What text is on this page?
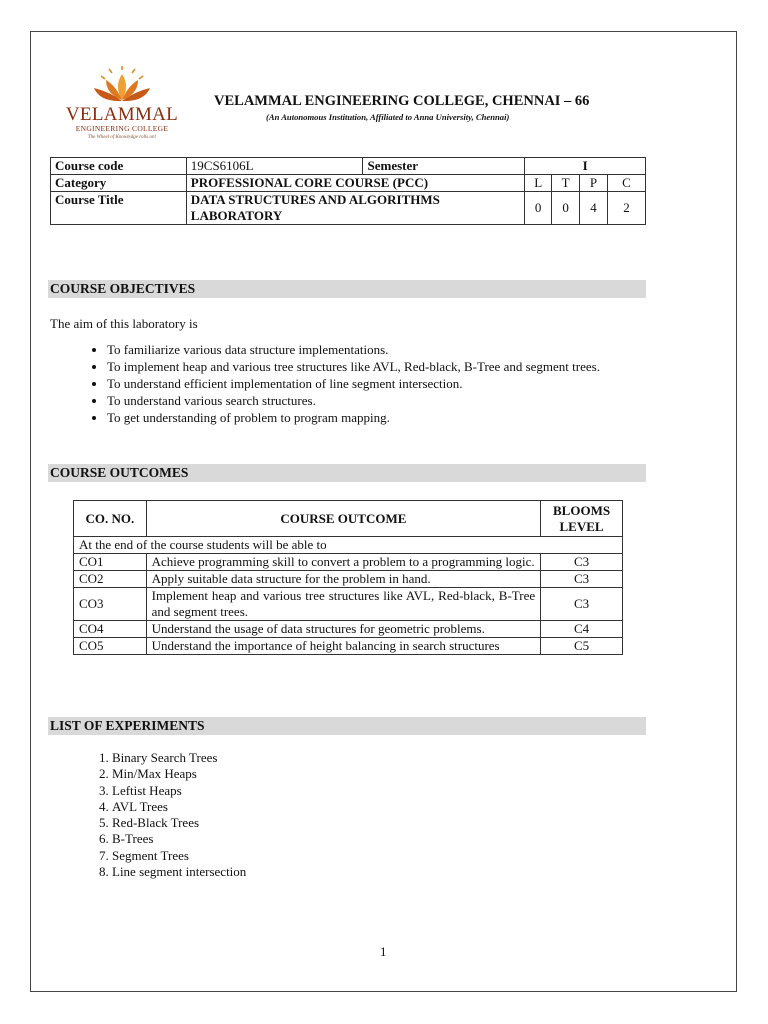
VELAMMAL
ENGINEERING COLLEGE
The Wheel of Knowledge rolls on!
VELAMMAL ENGINEERING COLLEGE, CHENNAI – 66
(An Autonomous Institution, Affiliated to Anna University, Chennai)
Course code	19CS6106L	Semester	I			
Category	PROFESSIONAL CORE COURSE (PCC)		L	T	P	C
Course Title	DATA STRUCTURES AND ALGORITHMS
LABORATORY		0	0	4	2
COURSE OBJECTIVES
The aim of this laboratory is
• To familiarize various data structure implementations.
• To implement heap and various tree structures like AVL, Red-black, B-Tree and segment trees.
• To understand efficient implementation of line segment intersection.
• To understand various search structures.
• To get understanding of problem to program mapping.
COURSE OUTCOMES
CO. NO.	COURSE OUTCOME	BLOOMS
LEVEL

At the end of the course students will be able to		
CO1	Achieve programming skill to convert a problem to a programming logic.	C3
CO2	Apply suitable data structure for the problem in hand.	C3
CO3	Implement heap and various tree structures like AVL, Red-black, B-Tree and segment trees.	C3
CO4	Understand the usage of data structures for geometric problems.	C4
CO5	Understand the importance of height balancing in search structures	C5
LIST OF EXPERIMENTS
1. Binary Search Trees
2. Min/Max Heaps
3. Leftist Heaps
4. AVL Trees
5. Red-Black Trees
6. B-Trees
7. Segment Trees
8. Line segment intersection
1
